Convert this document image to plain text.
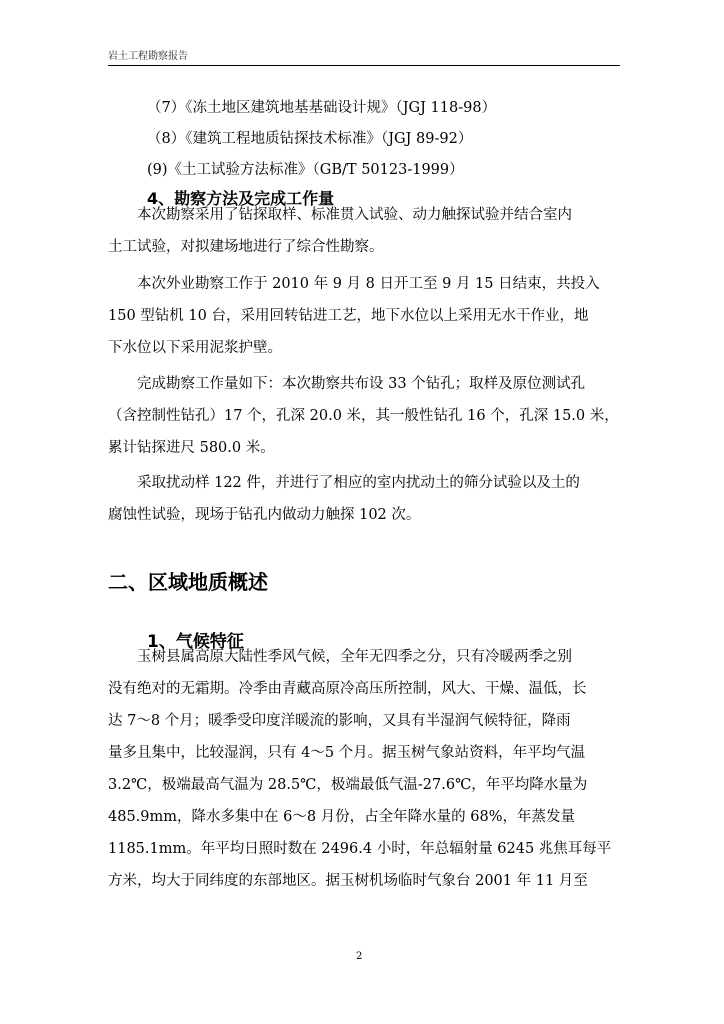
岩土工程勘察报告
（7）《冻土地区建筑地基基础设计规》（JGJ 118-98）
（8）《建筑工程地质钻探技术标准》（JGJ 89-92）
(9)《土工试验方法标准》（GB/T 50123-1999）
4、勘察方法及完成工作量
本次勘察采用了钻探取样、标准贯入试验、动力触探试验并结合室内
土工试验，对拟建场地进行了综合性勘察。
本次外业勘察工作于 2010 年 9 月 8 日开工至 9 月 15 日结束，共投入
150 型钻机 10 台，采用回转钻进工艺，地下水位以上采用无水干作业，地
下水位以下采用泥浆护壁。
完成勘察工作量如下：本次勘察共布设 33 个钻孔；取样及原位测试孔
（含控制性钻孔）17 个，孔深 20.0 米，其一般性钻孔 16 个，孔深 15.0 米，
累计钻探进尺 580.0 米。
采取扰动样 122 件，并进行了相应的室内扰动土的筛分试验以及土的
腐蚀性试验，现场于钻孔内做动力触探 102 次。
二、区域地质概述
1、气候特征
玉树县属高原大陆性季风气候，全年无四季之分，只有冷暖两季之别
没有绝对的无霜期。冷季由青藏高原冷高压所控制，风大、干燥、温低，长
达 7～8 个月；暖季受印度洋暖流的影响，又具有半湿润气候特征，降雨
量多且集中，比较湿润，只有 4～5 个月。据玉树气象站资料，年平均气温
3.2℃，极端最高气温为 28.5℃，极端最低气温-27.6℃，年平均降水量为
485.9mm，降水多集中在 6～8 月份，占全年降水量的 68%，年蒸发量
1185.1mm。年平均日照时数在 2496.4 小时，年总辐射量 6245 兆焦耳每平
方米，均大于同纬度的东部地区。据玉树机场临时气象台 2001 年 11 月至
2
